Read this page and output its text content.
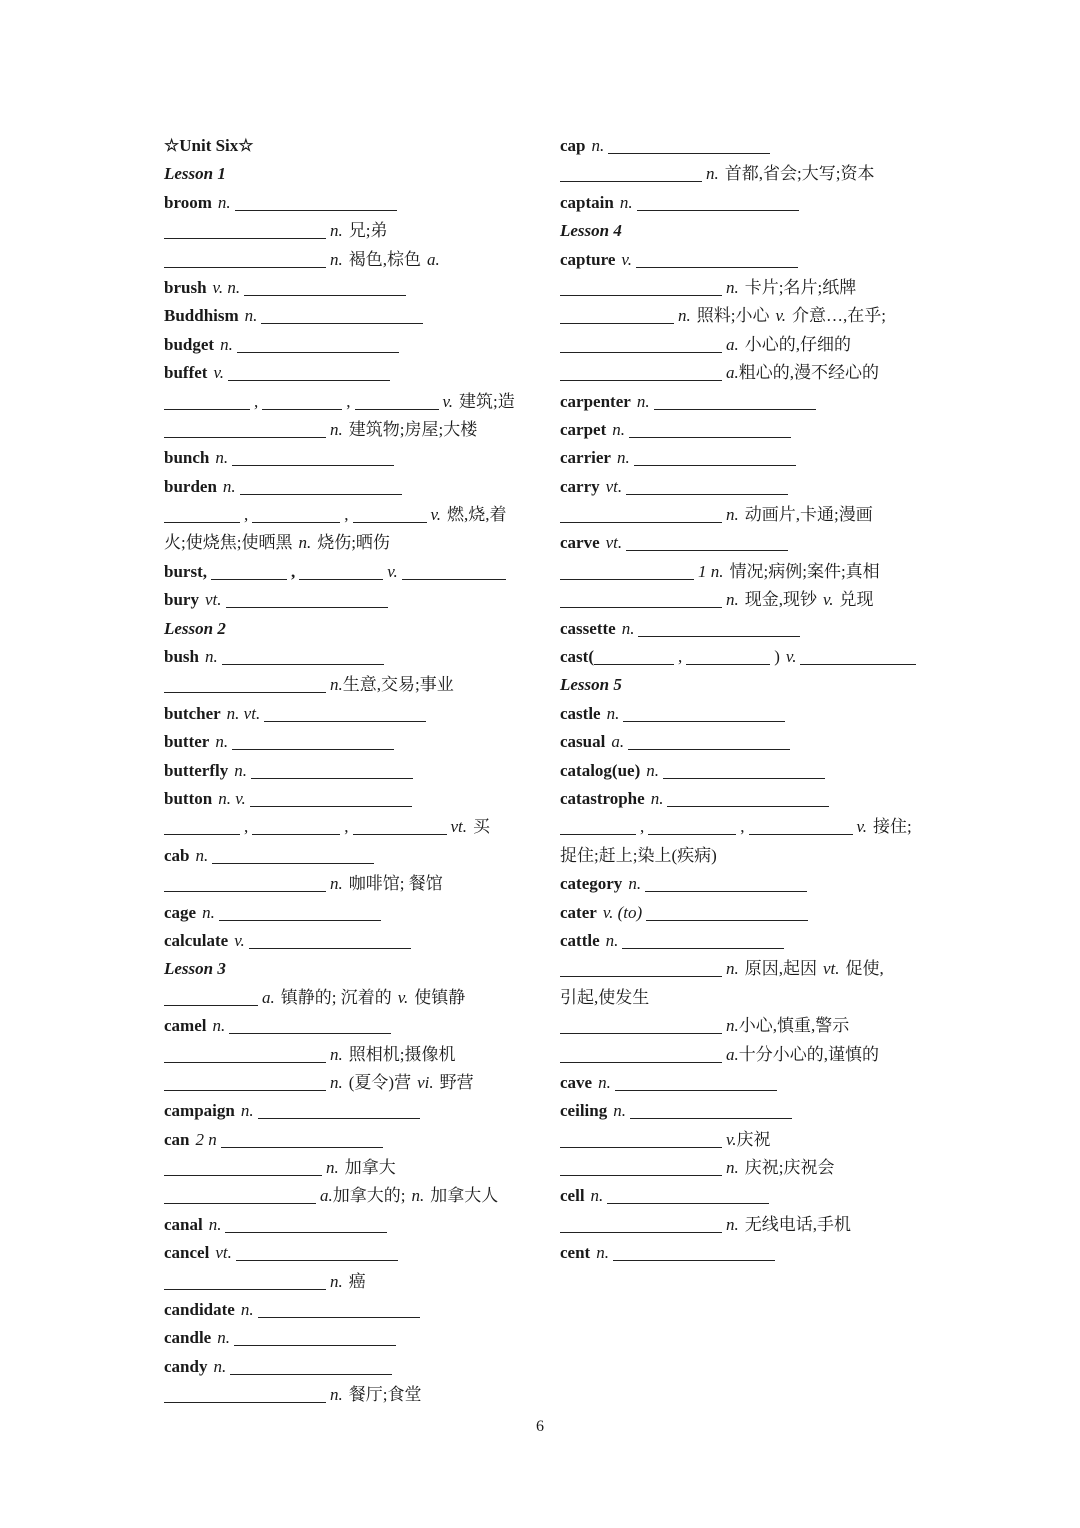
☆Unit Six☆
Lesson 1
broom n.
n. 兄;弟
n. 褐色,棕色 a.
brush v. n.
Buddhism n.
budget n.
buffet v.
,	,	v. 建筑;造
n. 建筑物;房屋;大楼
bunch n.
burden n.
,	,	v. 燃,烧,着
火;使烧焦;使晒黑 n. 烧伤;晒伤
burst,	,	v.
bury vt.
Lesson 2
bush n.
n. 生意,交易;事业
butcher n. vt.
butter n.
butterfly n.
button n. v.
,	,	vt. 买
cab n.
n. 咖啡馆; 餐馆
cage n.
calculate v.
Lesson 3
a. 镇静的; 沉着的 v. 使镇静
camel n.
n. 照相机;摄像机
n. (夏令)营 vi. 野营
campaign n.
can 2 n
n. 加拿大
a. 加拿大的; n. 加拿大人
canal n.
cancel vt.
n. 癌
candidate n.
candle n.
candy n.
n. 餐厅;食堂
cap n.
n. 首都,省会;大写;资本
captain n.
Lesson 4
capture v.
n. 卡片;名片;纸牌
n. 照料;小心 v. 介意…,在乎;
a. 小心的,仔细的
a. 粗心的,漫不经心的
carpenter n.
carpet n.
carrier n.
carry vt.
n. 动画片,卡通;漫画
carve vt.
1 n. 情况;病例;案件;真相
n. 现金,现钞 v. 兑现
cassette n.
cast(	,	) v.
Lesson 5
castle n.
casual a.
catalog(ue) n.
catastrophe n.
,	,	v. 接住;
捉住;赶上;染上(疾病)
category n.
cater v. (to)
cattle n.
n. 原因,起因 vt. 促使,
引起,使发生
n. 小心,慎重,警示
a. 十分小心的,谨慎的
cave n.
ceiling n.
v. 庆祝
n. 庆祝;庆祝会
cell n.
n. 无线电话,手机
cent n.
6
